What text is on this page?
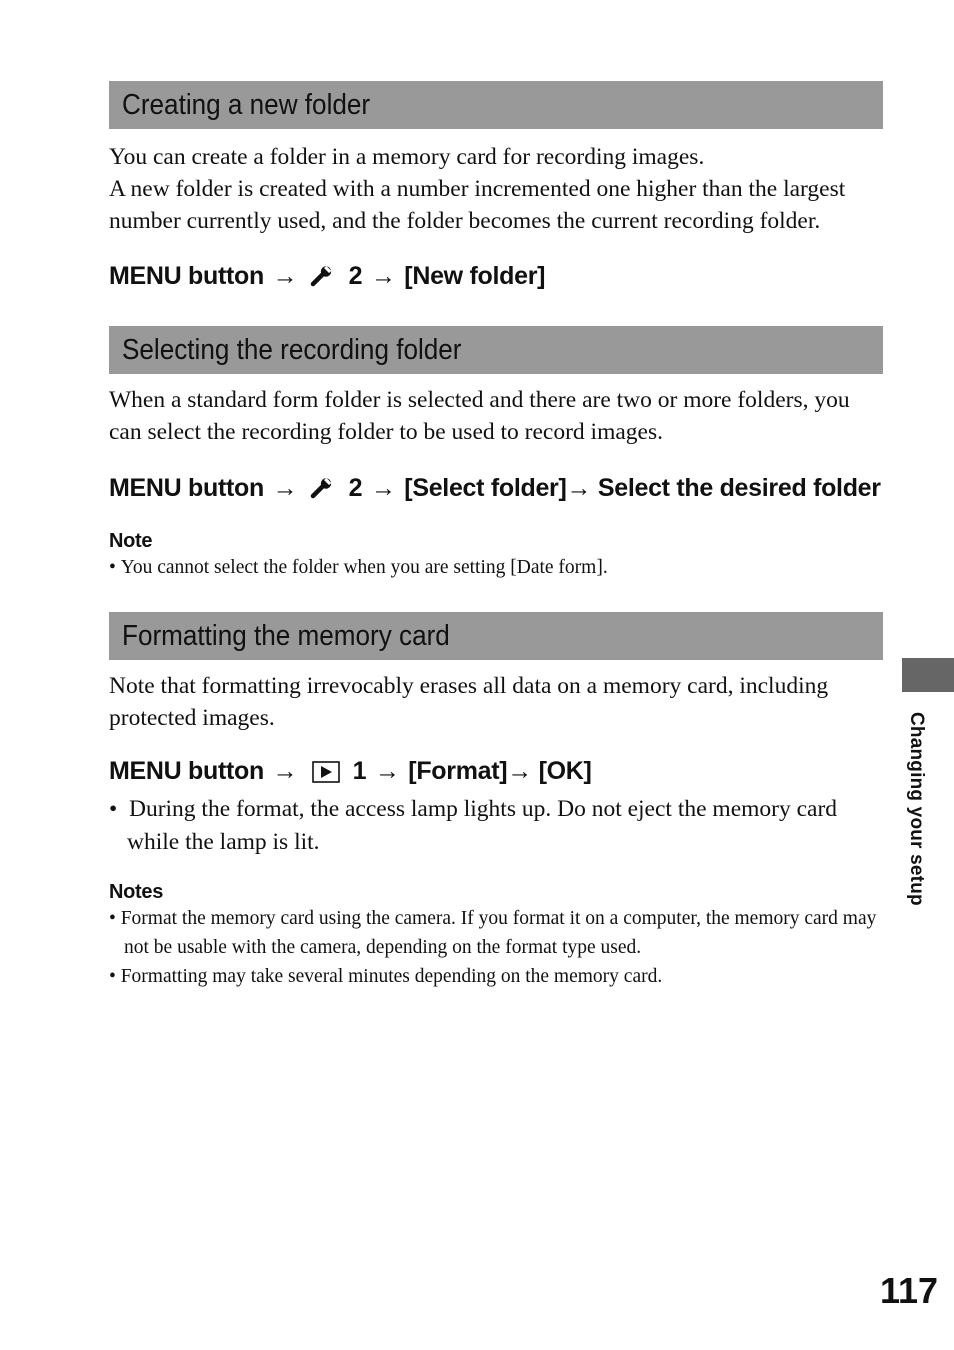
Creating a new folder

You can create a folder in a memory card for recording images.

A new folder is created with a number incremented one higher than the largest number currently used, and the folder becomes the current recording folder.

MENU button → 2 → [New folder]

Selecting the recording folder

When a standard form folder is selected and there are two or more folders, you can select the recording folder to be used to record images.

MENU button → 2 → [Select folder]→ Select the desired folder

Note

• You cannot select the folder when you are setting [Date form].

Formatting the memory card

Note that formatting irrevocably erases all data on a memory card, including protected images.

MENU button → 1 → [Format]→ [OK]

• During the format, the access lamp lights up. Do not eject the memory card while the lamp is lit.

Notes

• Format the memory card using the camera. If you format it on a computer, the memory card may not be usable with the camera, depending on the format type used.

• Formatting may take several minutes depending on the memory card.

Changing your setup
117
